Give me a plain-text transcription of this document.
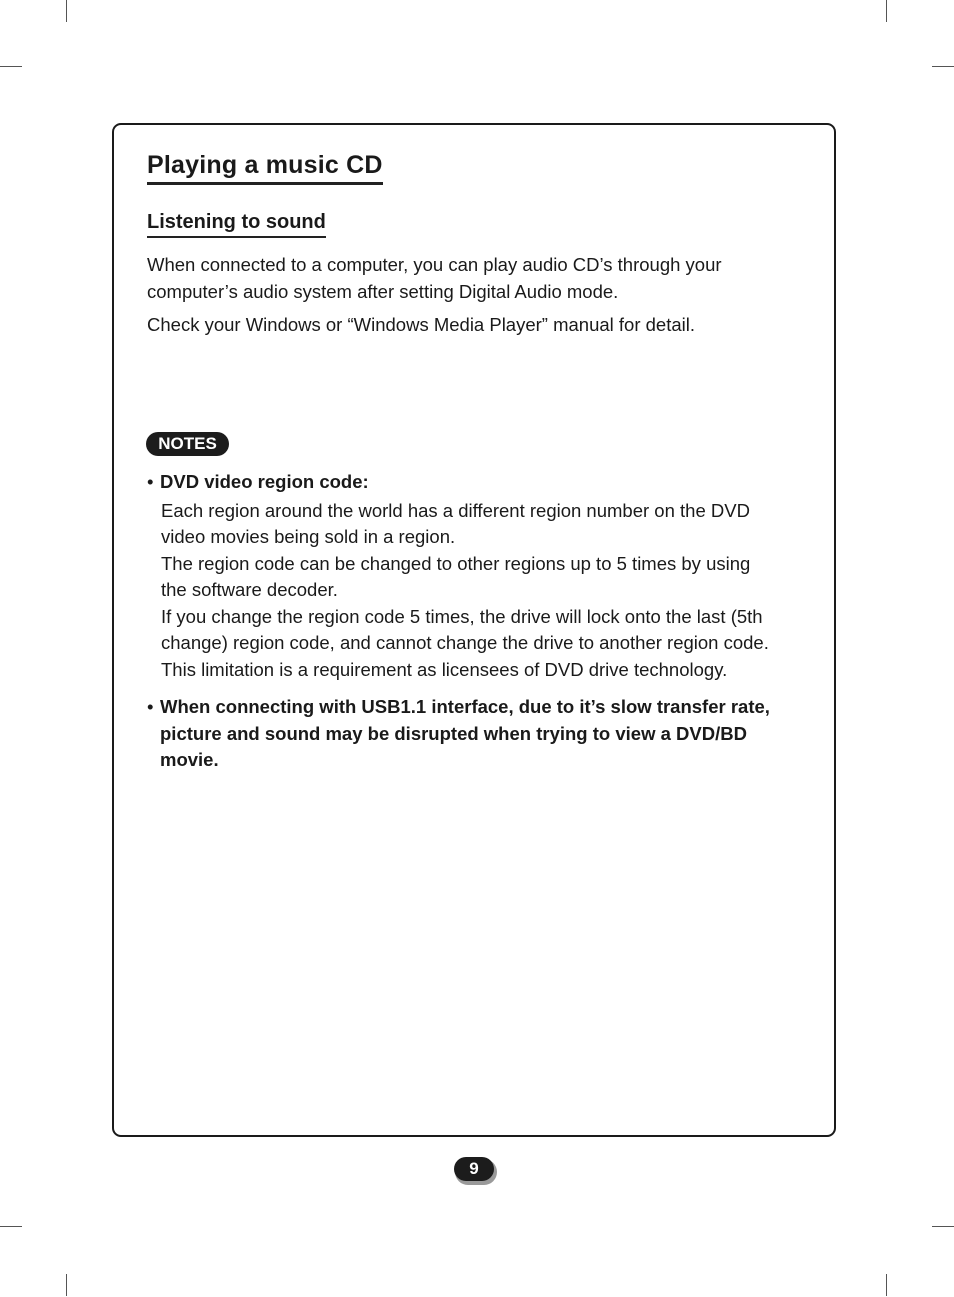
Playing a music CD
Listening to sound

When connected to a computer, you can play audio CD’s through your computer’s audio system after setting Digital Audio mode.

Check your Windows or “Windows Media Player” manual for detail.

NOTES
• DVD video region code:
Each region around the world has a different region number on the DVD
video movies being sold in a region.
The region code can be changed to other regions up to 5 times by using
the software decoder.
If you change the region code 5 times, the drive will lock onto the last (5th
change) region code, and cannot change the drive to another region code.
This limitation is a requirement as licensees of DVD drive technology.
• When connecting with USB1.1 interface, due to it’s slow transfer rate,
picture and sound may be disrupted when trying to view a DVD/BD
movie.
9
